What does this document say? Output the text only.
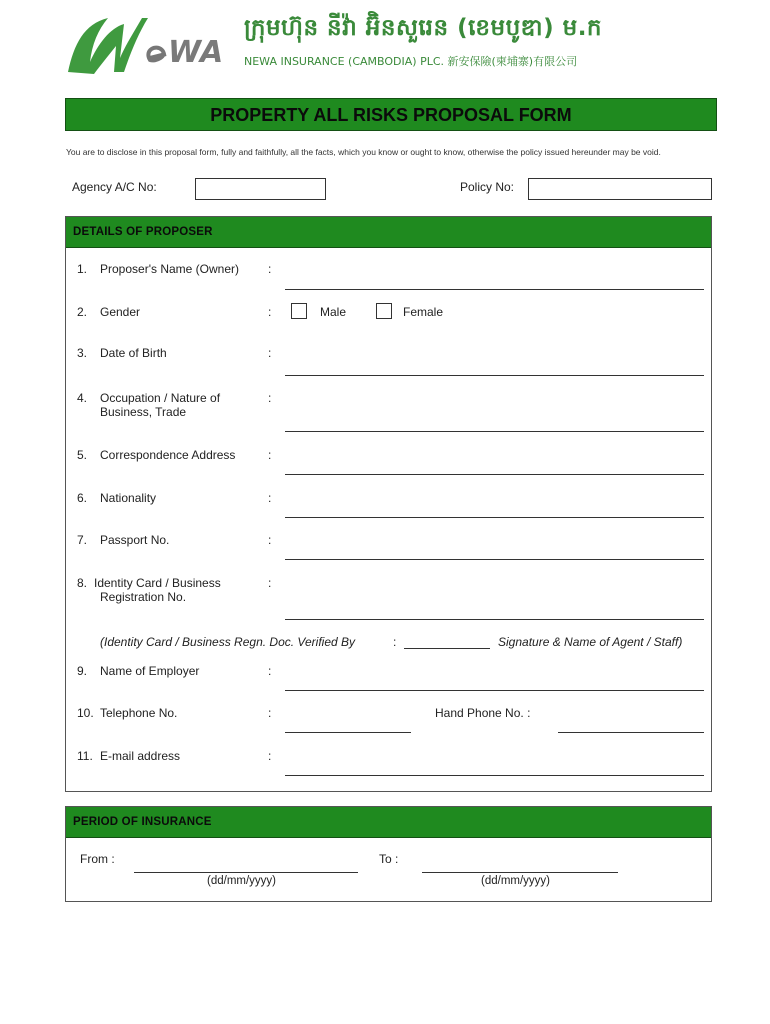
WA
ក្រុមហ៊ុន នីវ៉ា អ៊ិនសួរេន (ខេមបូឌា) ម.ក
NEWA INSURANCE (CAMBODIA) PLC. 新安保險(柬埔寨)有限公司
PROPERTY ALL RISKS PROPOSAL FORM
You are to disclose in this proposal form, fully and faithfully, all the facts, which you know or ought to know, otherwise the policy issued hereunder may be void.
Agency A/C No:	Policy No:
DETAILS OF PROPOSER
1. Proposer's Name (Owner) :
2. Gender	:	Male	Female
3. Date of Birth	:
4. Occupation / Nature of
Business, Trade
:
5. Correspondence Address	:
6. Nationality	:
7. Passport No.	:
8. Identity Card / Business
Registration No.
:
(Identity Card / Business Regn. Doc. Verified By	:	Signature & Name of Agent / Staff)
9. Name of Employer	:
10. Telephone No.	:	Hand Phone No. :
11. E-mail address	:
PERIOD OF INSURANCE
From :
(dd/mm/yyyy)
To :
(dd/mm/yyyy)
